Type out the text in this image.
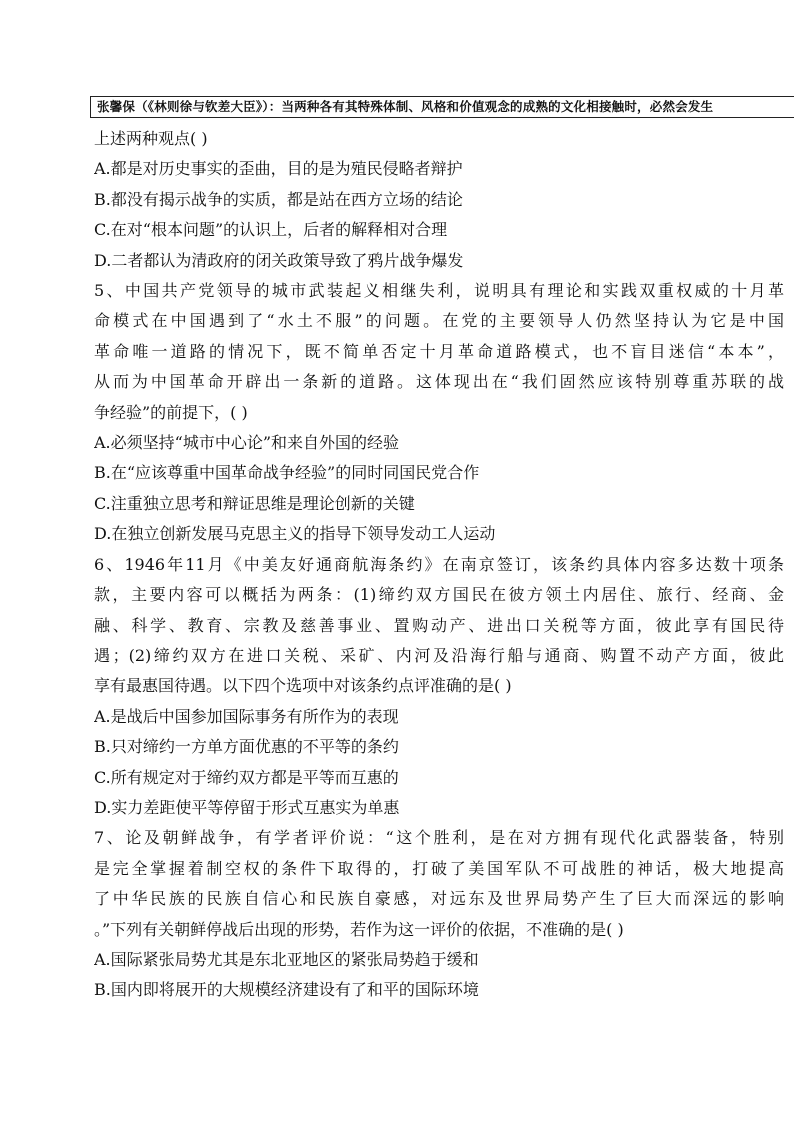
张馨保（《林则徐与钦差大臣》）：当两种各有其特殊体制、风格和价值观念的成熟的文化相接触时，必然会发生
上述两种观点( )
A.都是对历史事实的歪曲，目的是为殖民侵略者辩护
B.都没有揭示战争的实质，都是站在西方立场的结论
C.在对“根本问题”的认识上，后者的解释相对合理
D.二者都认为清政府的闭关政策导致了鸦片战争爆发
5、中国共产党领导的城市武装起义相继失利，说明具有理论和实践双重权威的十月革
命模式在中国遇到了“水土不服”的问题。在党的主要领导人仍然坚持认为它是中国
革命唯一道路的情况下，既不简单否定十月革命道路模式，也不盲目迷信“本本”，
从而为中国革命开辟出一条新的道路。这体现出在“我们固然应该特别尊重苏联的战
争经验”的前提下，( )
A.必须坚持“城市中心论”和来自外国的经验
B.在“应该尊重中国革命战争经验”的同时同国民党合作
C.注重独立思考和辩证思维是理论创新的关键
D.在独立创新发展马克思主义的指导下领导发动工人运动
6、1946年11月《中美友好通商航海条约》在南京签订，该条约具体内容多达数十项条
款，主要内容可以概括为两条：(1)缔约双方国民在彼方领土内居住、旅行、经商、金
融、科学、教育、宗教及慈善事业、置购动产、进出口关税等方面，彼此享有国民待
遇；(2)缔约双方在进口关税、采矿、内河及沿海行船与通商、购置不动产方面，彼此
享有最惠国待遇。以下四个选项中对该条约点评准确的是( )
A.是战后中国参加国际事务有所作为的表现
B.只对缔约一方单方面优惠的不平等的条约
C.所有规定对于缔约双方都是平等而互惠的
D.实力差距使平等停留于形式互惠实为单惠
7、论及朝鲜战争，有学者评价说：“这个胜利，是在对方拥有现代化武器装备，特别
是完全掌握着制空权的条件下取得的，打破了美国军队不可战胜的神话，极大地提高
了中华民族的民族自信心和民族自豪感，对远东及世界局势产生了巨大而深远的影响
。”下列有关朝鲜停战后出现的形势，若作为这一评价的依据，不准确的是( )
A.国际紧张局势尤其是东北亚地区的紧张局势趋于缓和
B.国内即将展开的大规模经济建设有了和平的国际环境
